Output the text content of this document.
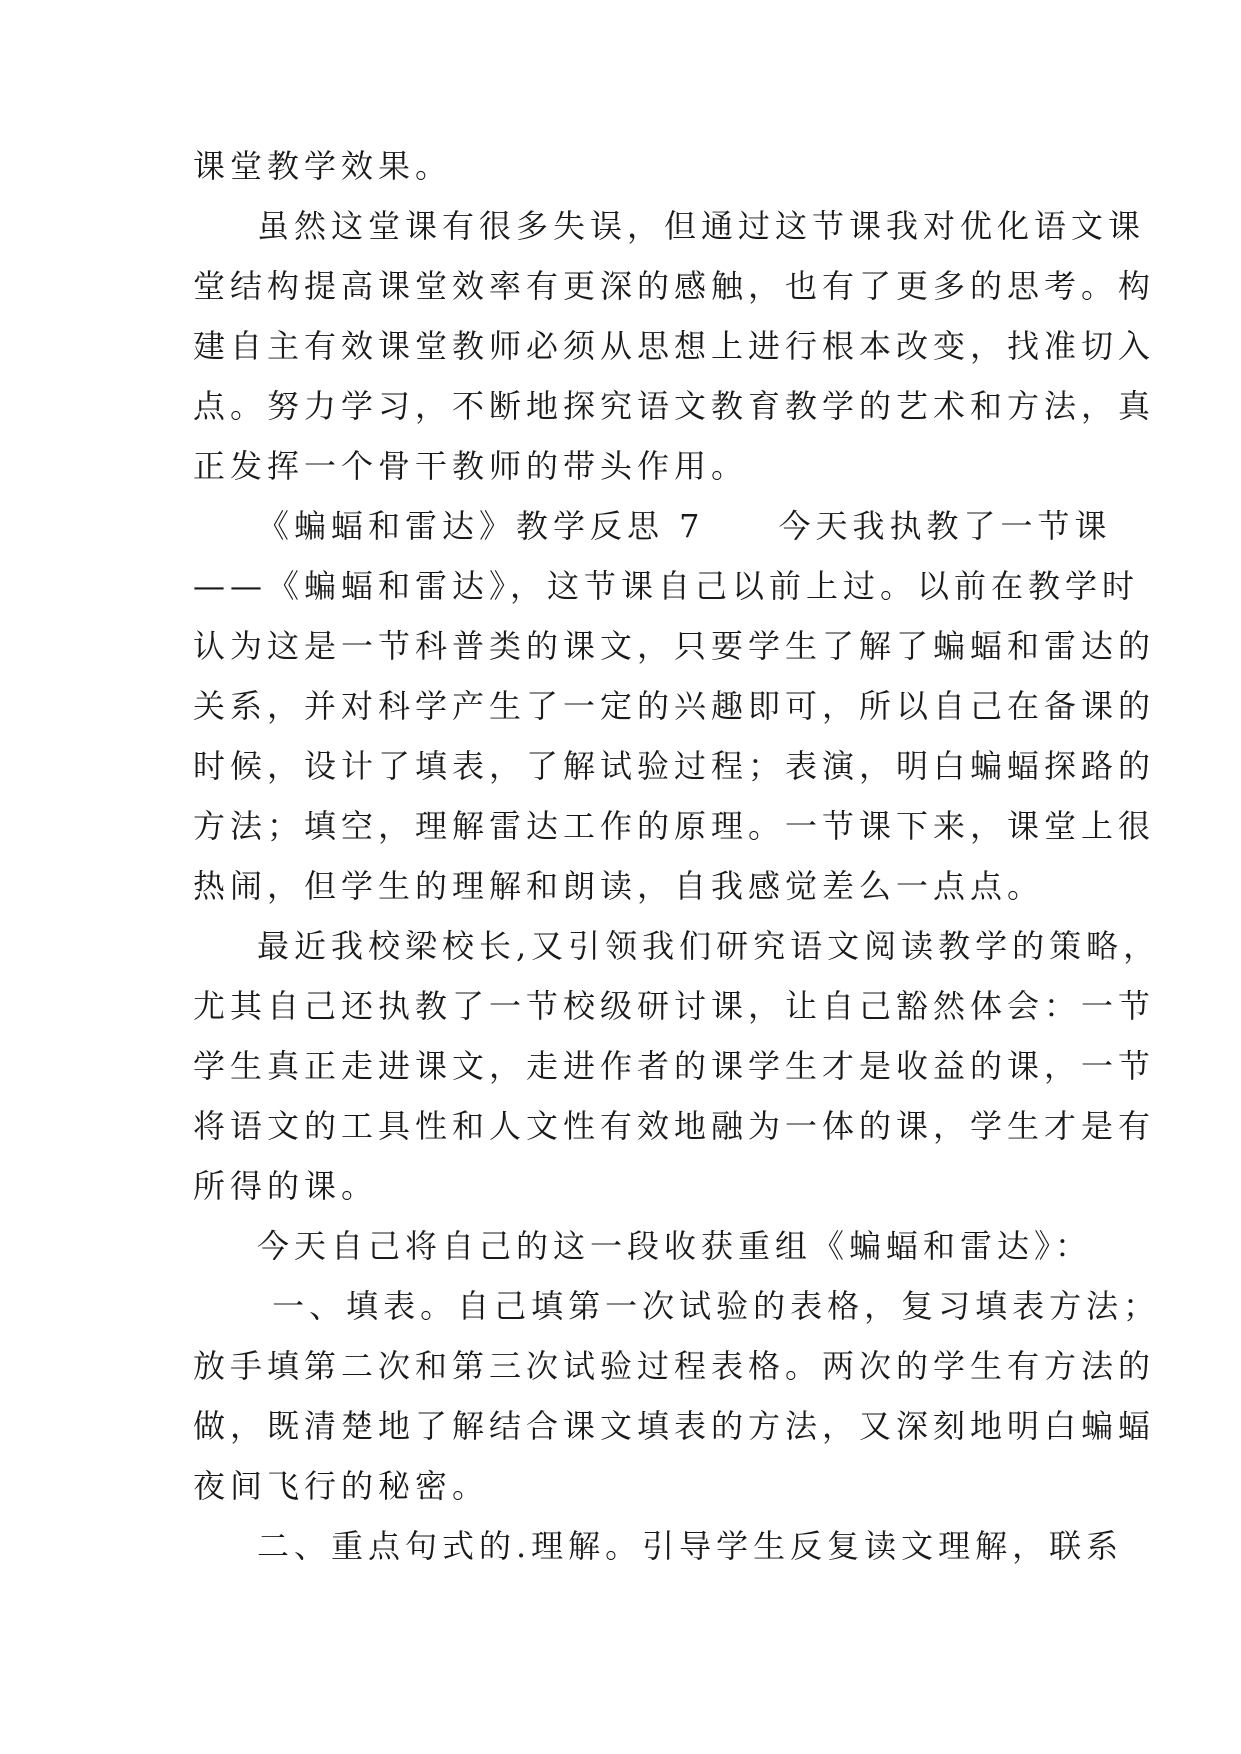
课堂教学效果。
虽然这堂课有很多失误，但通过这节课我对优化语文课
堂结构提高课堂效率有更深的感触，也有了更多的思考。构
建自主有效课堂教师必须从思想上进行根本改变，找准切入
点。努力学习，不断地探究语文教育教学的艺术和方法，真
正发挥一个骨干教师的带头作用。
《蝙蝠和雷达》教学反思 7　　今天我执教了一节课
——《蝙蝠和雷达》，这节课自己以前上过。以前在教学时
认为这是一节科普类的课文，只要学生了解了蝙蝠和雷达的
关系，并对科学产生了一定的兴趣即可，所以自己在备课的
时候，设计了填表，了解试验过程；表演，明白蝙蝠探路的
方法；填空，理解雷达工作的原理。一节课下来，课堂上很
热闹，但学生的理解和朗读，自我感觉差么一点点。
最近我校梁校长,又引领我们研究语文阅读教学的策略，
尤其自己还执教了一节校级研讨课，让自己豁然体会：一节
学生真正走进课文，走进作者的课学生才是收益的课，一节
将语文的工具性和人文性有效地融为一体的课，学生才是有
所得的课。
今天自己将自己的这一段收获重组《蝙蝠和雷达》：
一、填表。自己填第一次试验的表格，复习填表方法；
放手填第二次和第三次试验过程表格。两次的学生有方法的
做，既清楚地了解结合课文填表的方法，又深刻地明白蝙蝠
夜间飞行的秘密。
二、重点句式的.理解。引导学生反复读文理解，联系
